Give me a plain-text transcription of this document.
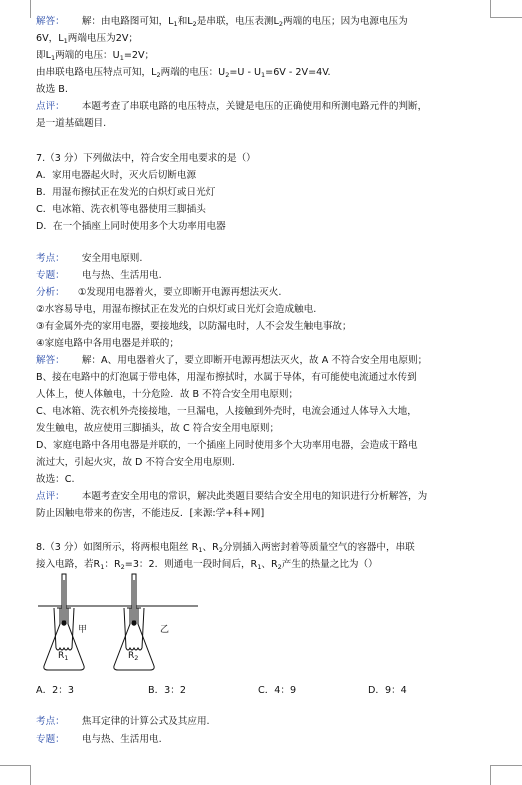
解答： 解：由电路图可知，$L_1$和$L_2$是串联，电压表测$L_2$两端的电压；因为电源电压为
6V，$L_1$两端电压为2V；
即$L_1$两端的电压：$U_1=2V$；
由串联电路电压特点可知，$L_2$两端的电压：$U_2=U - U_1=6V - 2V=4V$.
故选 B.
点评： 本题考查了串联电路的电压特点，关键是电压的正确使用和所测电路元件的判断，
是一道基础题目.
7.（3 分）下列做法中，符合安全用电要求的是（）
A．家用电器起火时，灭火后切断电源
B．用湿布擦拭正在发光的白炽灯或日光灯
C．电冰箱、洗衣机等电器使用三脚插头
D．在一个插座上同时使用多个大功率用电器
考点： 安全用电原则.
专题： 电与热、生活用电.
分析： ①发现用电器着火，要立即断开电源再想法灭火.
②水容易导电，用湿布擦拭正在发光的白炽灯或日光灯会造成触电.
③有金属外壳的家用电器，要接地线，以防漏电时，人不会发生触电事故；
④家庭电路中各用电器是并联的；
解答： 解：A、用电器着火了，要立即断开电源再想法灭火，故 A 不符合安全用电原则；
B、接在电路中的灯泡属于带电体，用湿布擦拭时，水属于导体，有可能使电流通过水传到
人体上，使人体触电，十分危险．故 B 不符合安全用电原则；
C、电冰箱、洗衣机外壳接接地，一旦漏电，人接触到外壳时，电流会通过人体导入大地，
发生触电，故应使用三脚插头，故 C 符合安全用电原则；
D、家庭电路中各用电器是并联的，一个插座上同时使用多个大功率用电器，会造成干路电
流过大，引起火灾，故 D 不符合安全用电原则．
故选：C.
点评： 本题考查安全用电的常识，解决此类题目要结合安全用电的知识进行分析解答，为
防止因触电带来的伤害，不能违反．[来源:学+科+网]
8.（3 分）如图所示，将两根电阻丝 $R_1$、$R_2$分别插入两密封着等质量空气的容器中，串联
接入电路，若$R_1$：$R_2=3$：2．则通电一段时间后，$R_1$、$R_2$产生的热量之比为（）
甲	乙
$R_1$	$R_2$
A．2：3	B．3：2	C．4：9	D．9：4
考点： 焦耳定律的计算公式及其应用.
专题： 电与热、生活用电.
